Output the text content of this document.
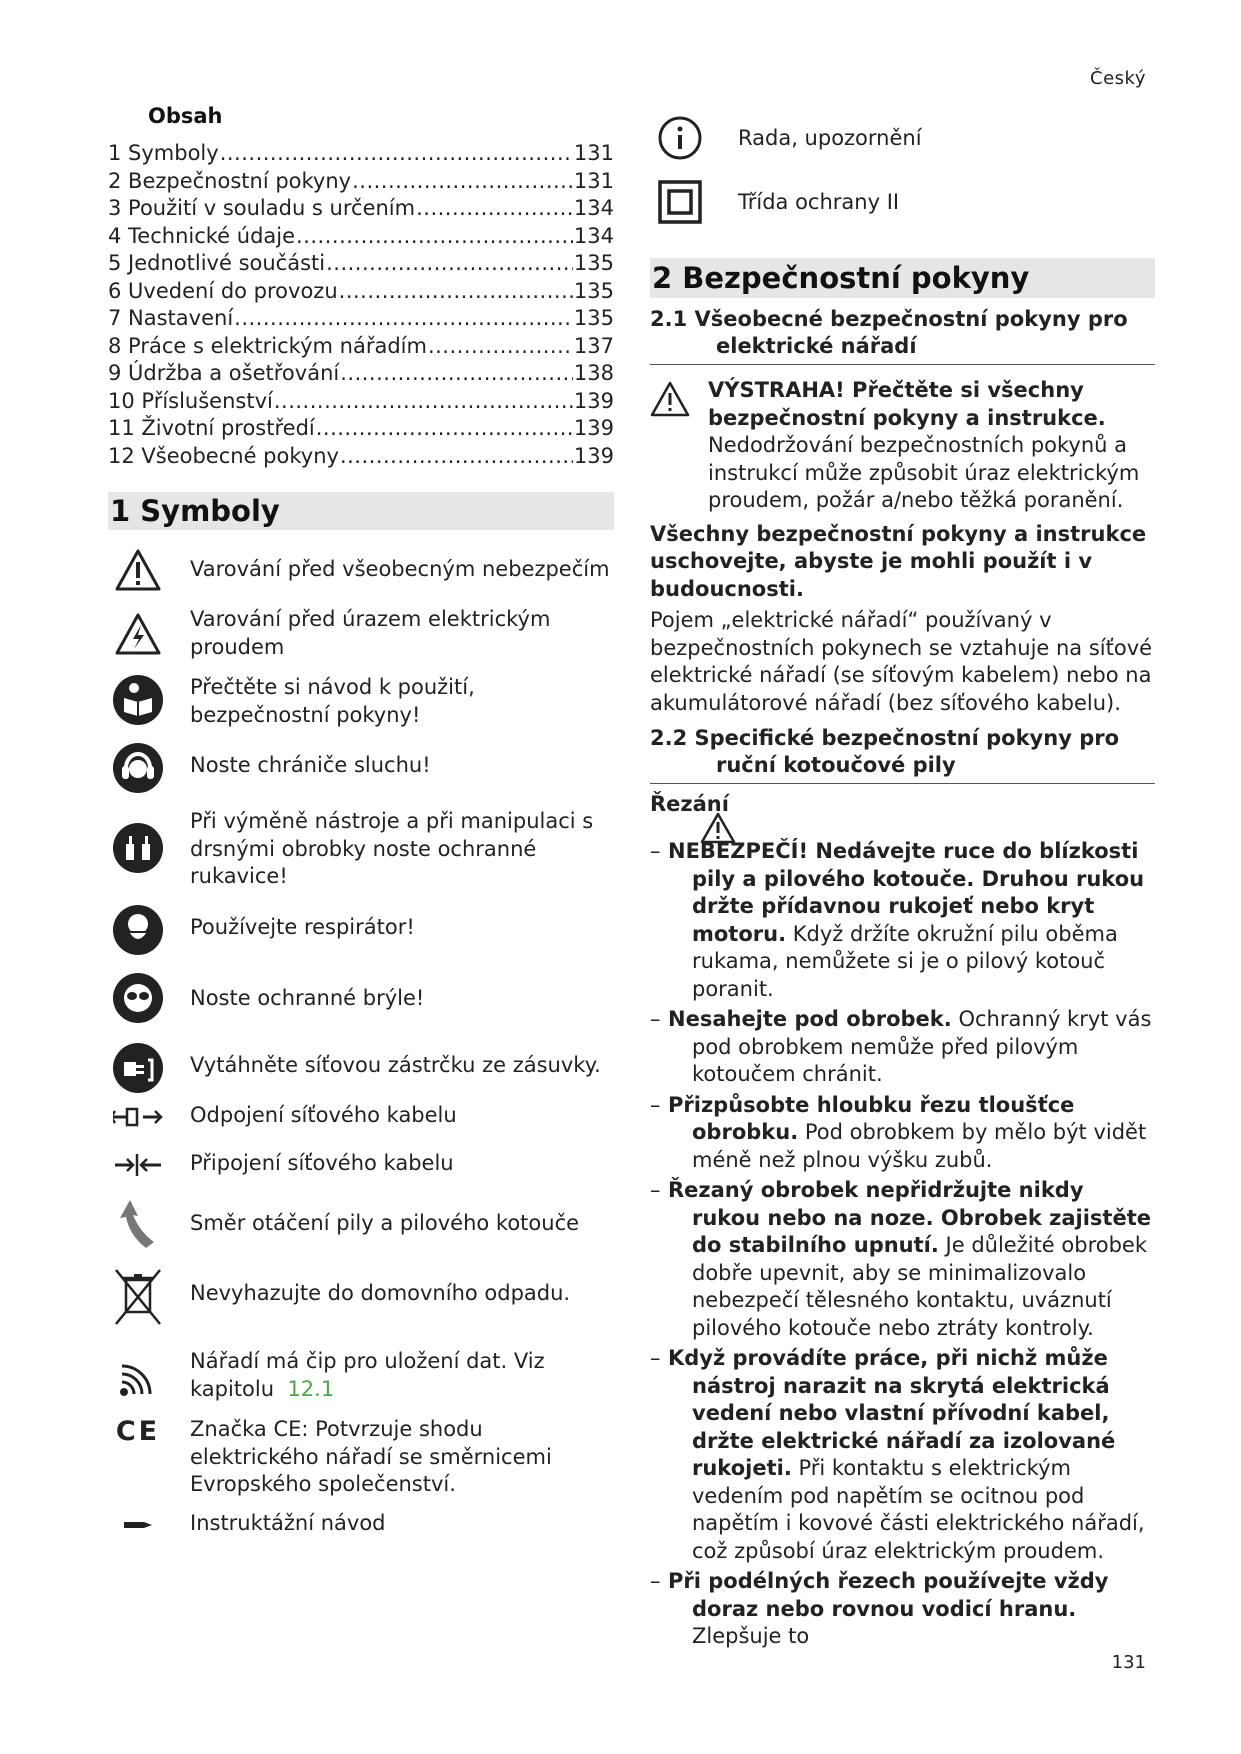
Český
Obsah
1 Symboly .....	131
2 Bezpečnostní pokyny .....	131
3 Použití v souladu s určením .....	134
4 Technické údaje .....	134
5 Jednotlivé součásti .....	135
6 Uvedení do provozu .....	135
7 Nastavení .....	135
8 Práce s elektrickým nářadím .....	137
9 Údržba a ošetřování .....	138
10 Příslušenství .....	139
11 Životní prostředí .....	139
12 Všeobecné pokyny .....	139
1 Symboly
Varování před všeobecným nebezpečím
Varování před úrazem elektrickým proudem
Přečtěte si návod k použití, bezpečnostní pokyny!
Noste chrániče sluchu!
Při výměně nástroje a při manipulaci s drsnými obrobky noste ochranné rukavice!
Používejte respirátor!
Noste ochranné brýle!
Vytáhněte síťovou zástrčku ze zásuvky.
Odpojení síťového kabelu
Připojení síťového kabelu
Směr otáčení pily a pilového kotouče
Nevyhazujte do domovního odpadu.
Nářadí má čip pro uložení dat. Viz kapitolu 12.1
CE	Značka CE: Potvrzuje shodu elektrického nářadí se směrnicemi Evropského společenství.
Instruktážní návod
Rada, upozornění
Třída ochrany II
2 Bezpečnostní pokyny
2.1 Všeobecné bezpečnostní pokyny pro
elektrické nářadí
VÝSTRAHA! Přečtěte si všechny bezpečnostní pokyny a instrukce. Nedodržování bezpečnostních pokynů a instrukcí může způsobit úraz elektrickým proudem, požár a/nebo těžká poranění.

Všechny bezpečnostní pokyny a instrukce uschovejte, abyste je mohli použít i v budoucnosti.

Pojem „elektrické nářadí“ používaný v bezpečnostních pokynech se vztahuje na síťové elektrické nářadí (se síťovým kabelem) nebo na akumulátorové nářadí (bez síťového kabelu).

2.2 Specifické bezpečnostní pokyny pro
ruční kotoučové pily
Řezání
– NEBEZPEČÍ! Nedávejte ruce do blízkosti pily a pilového kotouče. Druhou rukou držte přídavnou rukojeť nebo kryt motoru. Když držíte okružní pilu oběma rukama, nemůžete si je o pilový kotouč poranit.
– Nesahejte pod obrobek. Ochranný kryt vás pod obrobkem nemůže před pilovým kotoučem chránit.
– Přizpůsobte hloubku řezu tloušťce obrobku. Pod obrobkem by mělo být vidět méně než plnou výšku zubů.
– Řezaný obrobek nepřidržujte nikdy rukou nebo na noze. Obrobek zajistěte do stabilního upnutí. Je důležité obrobek dobře upevnit, aby se minimalizovalo nebezpečí tělesného kontaktu, uváznutí pilového kotouče nebo ztráty kontroly.
– Když provádíte práce, při nichž může nástroj narazit na skrytá elektrická vedení nebo vlastní přívodní kabel, držte elektrické nářadí za izolované rukojeti. Při kontaktu s elektrickým vedením pod napětím se ocitnou pod napětím i kovové části elektrického nářadí, což způsobí úraz elektrickým proudem.
– Při podélných řezech používejte vždy doraz nebo rovnou vodicí hranu. Zlepšuje to
131
